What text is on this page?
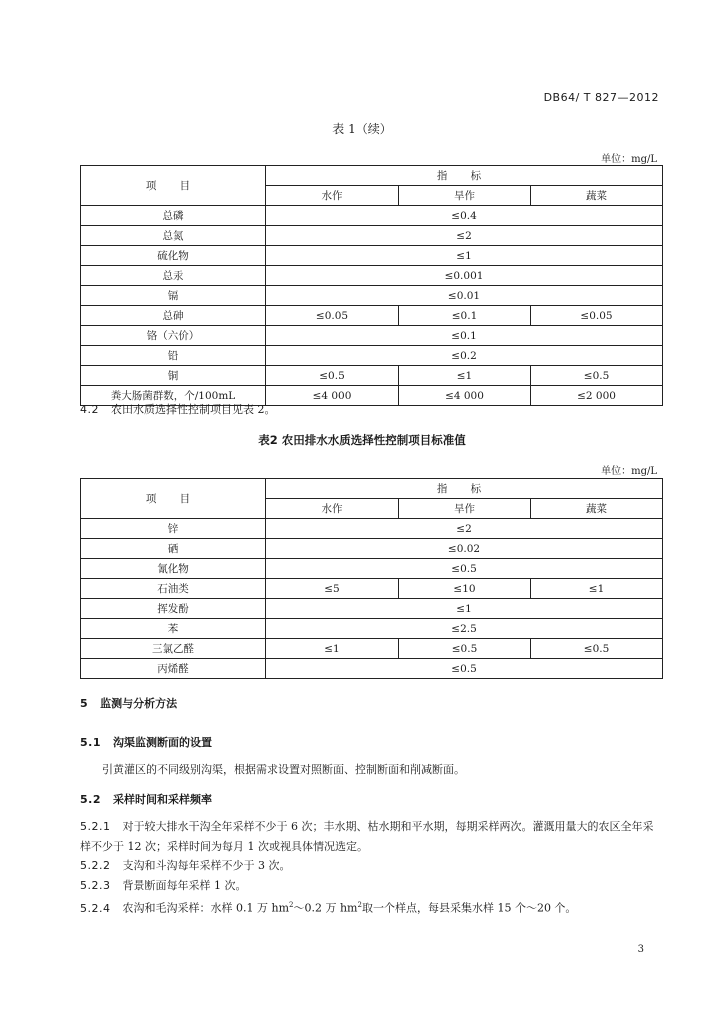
DB64/ T 827—2012
表 1（续）
单位：mg/L
项 目	指 标		
	水作	旱作	蔬菜
总磷	≤0.4		
总氮	≤2		
硫化物	≤1		
总汞	≤0.001		
镉	≤0.01		
总砷	≤0.05	≤0.1	≤0.05
铬（六价）	≤0.1		
铅	≤0.2		
铜	≤0.5	≤1	≤0.5
粪大肠菌群数，个/100mL	≤4 000	≤4 000	≤2 000
4.2 农田水质选择性控制项目见表 2。
表2 农田排水水质选择性控制项目标准值
单位：mg/L
项 目	指 标		
	水作	旱作	蔬菜
锌	≤2		
硒	≤0.02		
氰化物	≤0.5		
石油类	≤5	≤10	≤1
挥发酚	≤1		
苯	≤2.5		
三氯乙醛	≤1	≤0.5	≤0.5
丙烯醛	≤0.5		
5 监测与分析方法
5.1 沟渠监测断面的设置
引黄灌区的不同级别沟渠，根据需求设置对照断面、控制断面和削减断面。
5.2 采样时间和采样频率
5.2.1 对于较大排水干沟全年采样不少于 6 次；丰水期、枯水期和平水期，每期采样两次。灌溉用量大的农区全年采样不少于 12 次；采样时间为每月 1 次或视具体情况选定。
5.2.2 支沟和斗沟每年采样不少于 3 次。
5.2.3 背景断面每年采样 1 次。
5.2.4 农沟和毛沟采样：水样 0.1 万 $hm^2\sim 0.2$ 万 $hm^2$取一个样点，每县采集水样 15 个～20 个。
3
